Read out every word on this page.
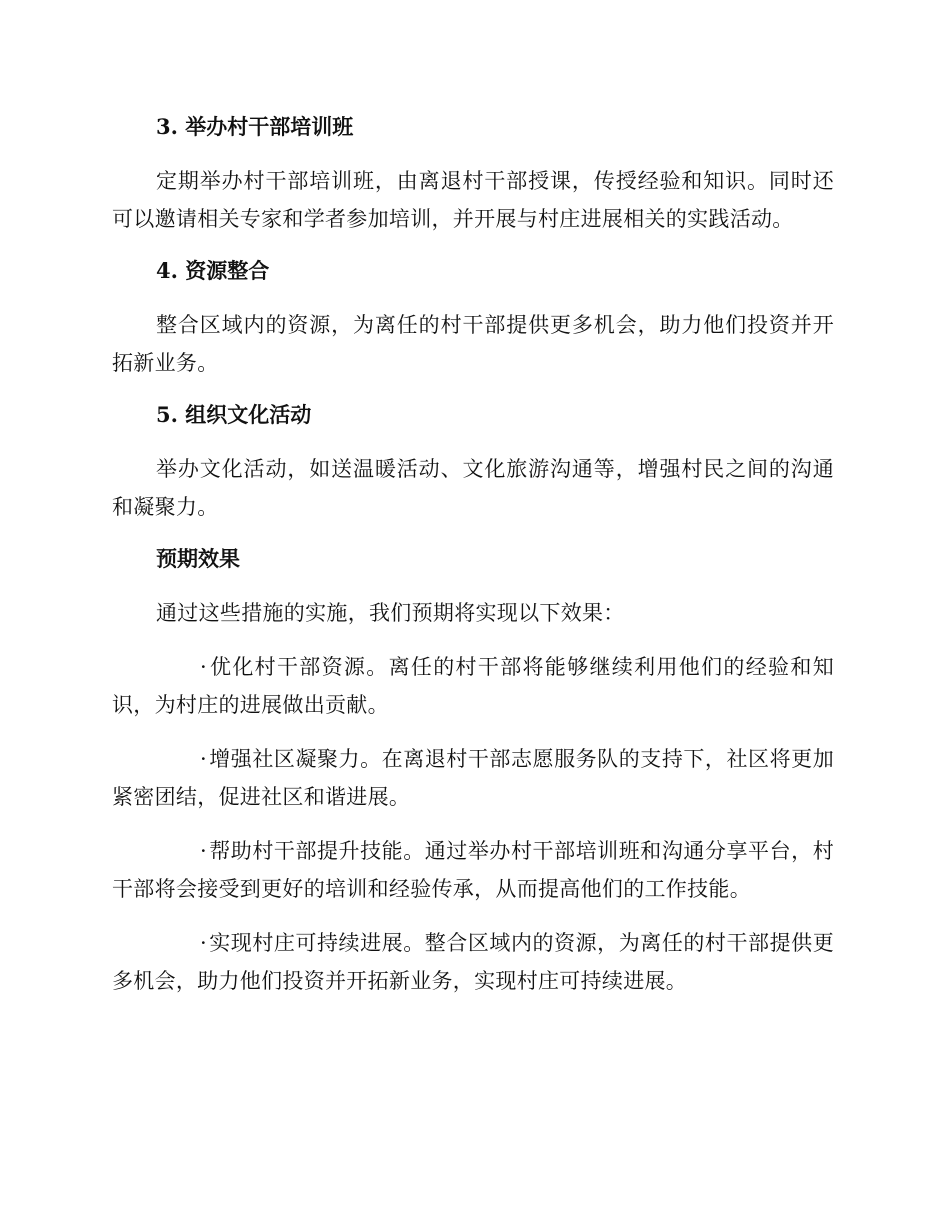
3. 举办村干部培训班

定期举办村干部培训班，由离退村干部授课，传授经验和知识。同时还可以邀请相关专家和学者参加培训，并开展与村庄进展相关的实践活动。

4. 资源整合

整合区域内的资源，为离任的村干部提供更多机会，助力他们投资并开拓新业务。

5. 组织文化活动

举办文化活动，如送温暖活动、文化旅游沟通等，增强村民之间的沟通和凝聚力。

预期效果

通过这些措施的实施，我们预期将实现以下效果：

·优化村干部资源。离任的村干部将能够继续利用他们的经验和知识，为村庄的进展做出贡献。

·增强社区凝聚力。在离退村干部志愿服务队的支持下，社区将更加紧密团结，促进社区和谐进展。

·帮助村干部提升技能。通过举办村干部培训班和沟通分享平台，村干部将会接受到更好的培训和经验传承，从而提高他们的工作技能。

·实现村庄可持续进展。整合区域内的资源，为离任的村干部提供更多机会，助力他们投资并开拓新业务，实现村庄可持续进展。
